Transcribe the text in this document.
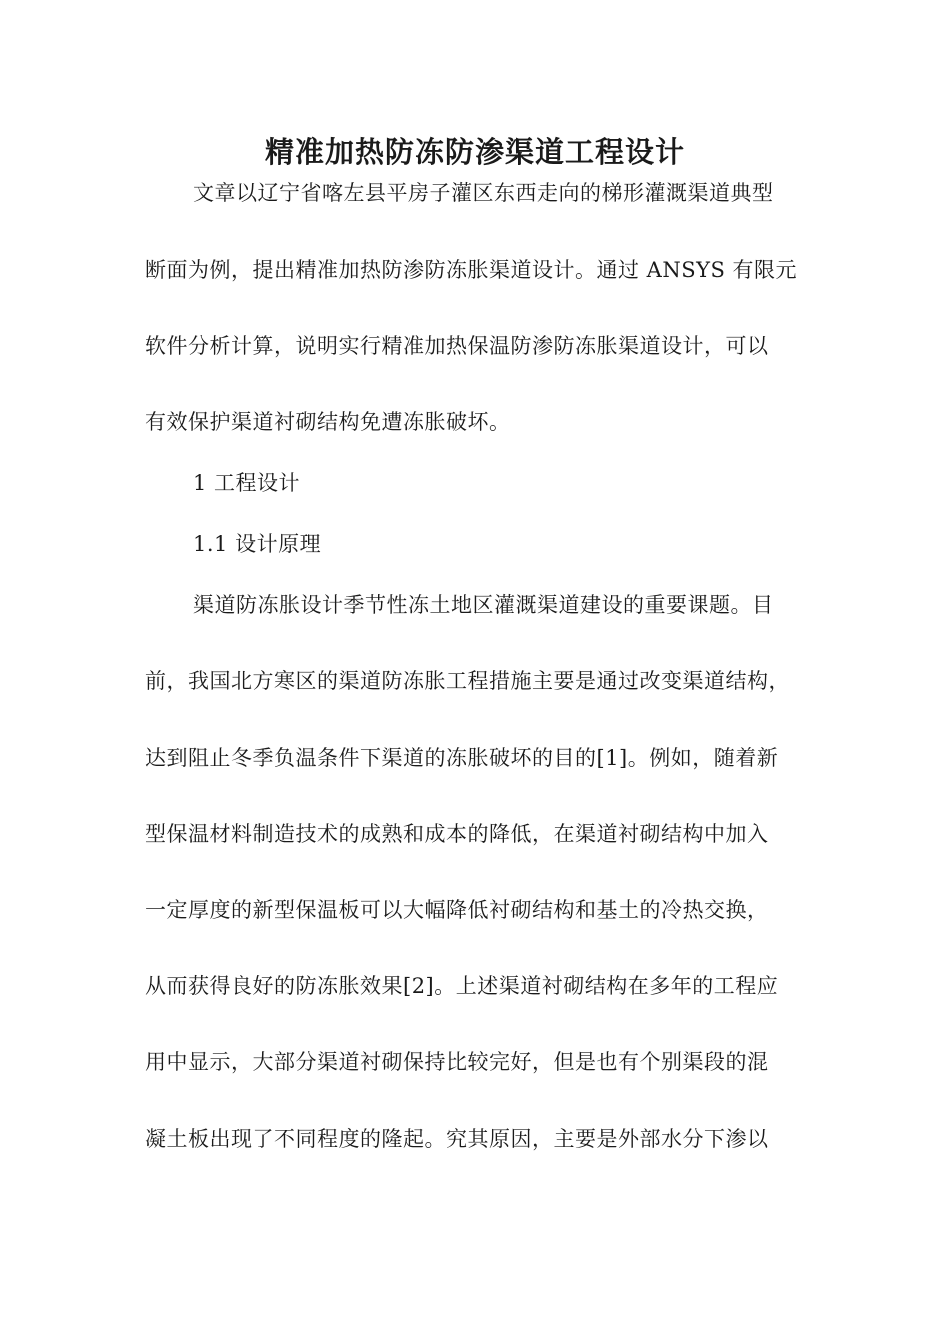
精准加热防冻防渗渠道工程设计
文章以辽宁省喀左县平房子灌区东西走向的梯形灌溉渠道典型
断面为例，提出精准加热防渗防冻胀渠道设计。通过 ANSYS 有限元
软件分析计算，说明实行精准加热保温防渗防冻胀渠道设计，可以
有效保护渠道衬砌结构免遭冻胀破坏。
1 工程设计
1.1 设计原理
渠道防冻胀设计季节性冻土地区灌溉渠道建设的重要课题。目
前，我国北方寒区的渠道防冻胀工程措施主要是通过改变渠道结构，
达到阻止冬季负温条件下渠道的冻胀破坏的目的[1]。例如，随着新
型保温材料制造技术的成熟和成本的降低，在渠道衬砌结构中加入
一定厚度的新型保温板可以大幅降低衬砌结构和基土的冷热交换，
从而获得良好的防冻胀效果[2]。上述渠道衬砌结构在多年的工程应
用中显示，大部分渠道衬砌保持比较完好，但是也有个别渠段的混
凝土板出现了不同程度的隆起。究其原因，主要是外部水分下渗以
